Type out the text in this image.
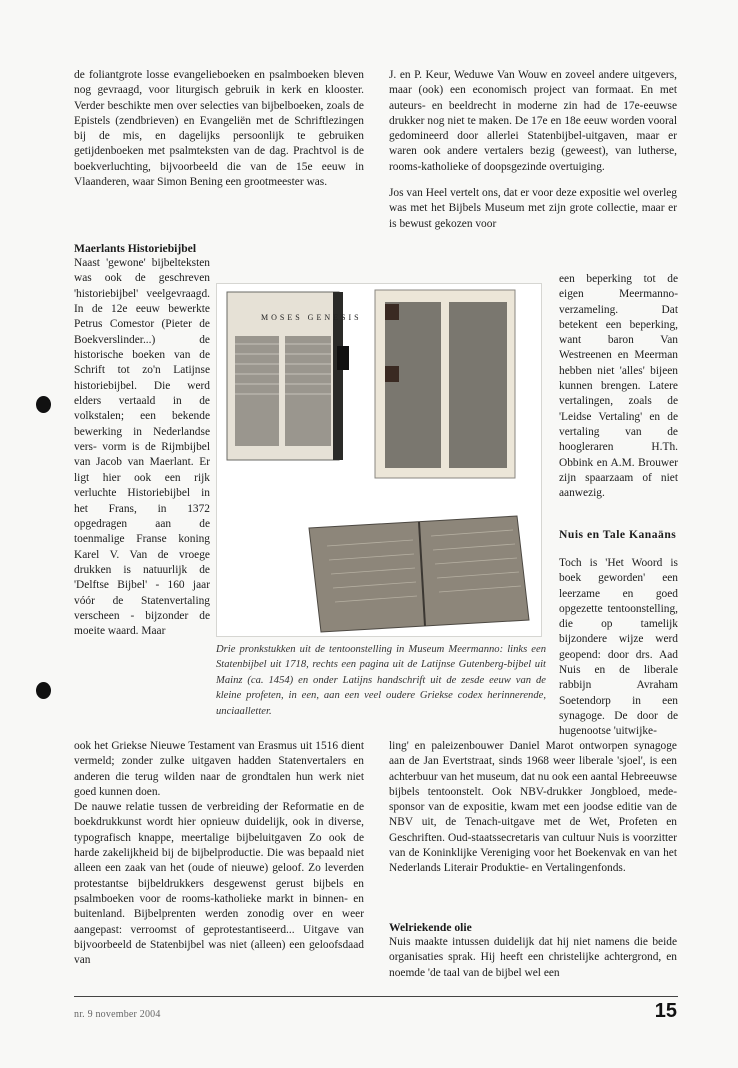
de foliantgrote losse evangelieboeken en psalmboeken bleven nog gevraagd, voor liturgisch gebruik in kerk en klooster. Verder beschikte men over selecties van bijbelboeken, zoals de Epistels (zendbrieven) en Evangeliën met de Schriftlezingen bij de mis, en dagelijks persoonlijk te gebruiken getijdenboeken met psalmteksten van de dag. Prachtvol is de boekverluchting, bijvoorbeeld die van de 15e eeuw in Vlaanderen, waar Simon Bening een grootmeester was.

Maerlants Historiebijbel

Naast 'gewone' bijbelteksten was ook de geschreven 'historiebijbel' veelgevraagd. In de 12e eeuw bewerkte Petrus Comestor (Pieter de Boekverslinder...) de historische boeken van de Schrift tot zo'n Latijnse historiebijbel. Die werd elders vertaald in de volkstalen; een bekende bewerking in Nederlandse vers- vorm is de Rijmbijbel van Jacob van Maerlant. Er ligt hier ook een rijk verluchte Historiebijbel in het Frans, in 1372 opgedragen aan de toenmalige Franse koning Karel V. Van de vroege drukken is natuurlijk de 'Delftse Bijbel' - 160 jaar vóór de Statenvertaling verscheen - bijzonder de moeite waard. Maar

ook het Griekse Nieuwe Testament van Erasmus uit 1516 dient vermeld; zonder zulke uitgaven hadden Statenvertalers en anderen die terug wilden naar de grondtalen hun werk niet goed kunnen doen.

De nauwe relatie tussen de verbreiding der Reformatie en de boekdrukkunst wordt hier opnieuw duidelijk, ook in diverse, typografisch knappe, meertalige bijbeluitgaven Zo ook de harde zakelijkheid bij de bijbelproductie. Die was bepaald niet alleen een zaak van het (oude of nieuwe) geloof. Zo leverden protestantse bijbeldrukkers desgewenst gerust bijbels en psalmboeken voor de rooms-katholieke markt in binnen- en buitenland. Bijbelprenten werden zonodig over en weer aangepast: verroomst of geprotestantiseerd... Uitgave van bijvoorbeeld de Statenbijbel was niet (alleen) een geloofsdaad van

J. en P. Keur, Weduwe Van Wouw en zoveel andere uitgevers, maar (ook) een economisch project van formaat. En met auteurs- en beeldrecht in moderne zin had de 17e-eeuwse drukker nog niet te maken. De 17e en 18e eeuw worden vooral gedomineerd door allerlei Statenbijbel-uitgaven, maar er waren ook andere vertalers bezig (geweest), van lutherse, rooms-katholieke of doopsgezinde overtuiging.

Jos van Heel vertelt ons, dat er voor deze expositie wel overleg was met het Bijbels Museum met zijn grote collectie, maar er is bewust gekozen voor

een beperking tot de eigen Meermanno-verzameling. Dat betekent een beperking, want baron Van Westreenen en Meerman hebben niet 'alles' bijeen kunnen brengen. Latere vertalingen, zoals de 'Leidse Vertaling' en de vertaling van de hoogleraren H.Th. Obbink en A.M. Brouwer zijn spaarzaam of niet aanwezig.

Nuis en Tale Kanaäns

Toch is 'Het Woord is boek geworden' een leerzame en goed opgezette tentoonstelling, die op tamelijk bijzondere wijze werd geopend: door drs. Aad Nuis en de liberale rabbijn Avraham Soetendorp in een synagoge. De door de hugenootse 'uitwijke-

ling' en paleizenbouwer Daniel Marot ontworpen synagoge aan de Jan Evertstraat, sinds 1968 weer liberale 'sjoel', is een achterbuur van het museum, dat nu ook een aantal Hebreeuwse bijbels tentoonstelt. Ook NBV-drukker Jongbloed, mede-sponsor van de expositie, kwam met een joodse editie van de NBV uit, de Tenach-uitgave met de Wet, Profeten en Geschriften. Oud-staatssecretaris van cultuur Nuis is voorzitter van de Koninklijke Vereniging voor het Boekenvak en van het Nederlands Literair Produktie- en Vertalingenfonds.

Welriekende olie

Nuis maakte intussen duidelijk dat hij niet namens die beide organisaties sprak. Hij heeft een christelijke achtergrond, en noemde 'de taal van de bijbel wel een

MOSES GENESIS
Drie pronkstukken uit de tentoonstelling in Museum Meermanno: links een Statenbijbel uit 1718, rechts een pagina uit de Latijnse Gutenberg-bijbel uit Mainz (ca. 1454) en onder Latijns handschrift uit de zesde eeuw van de kleine profeten, in een, aan een veel oudere Griekse codex herinnerende, unciaalletter.
nr. 9 november 2004	15
